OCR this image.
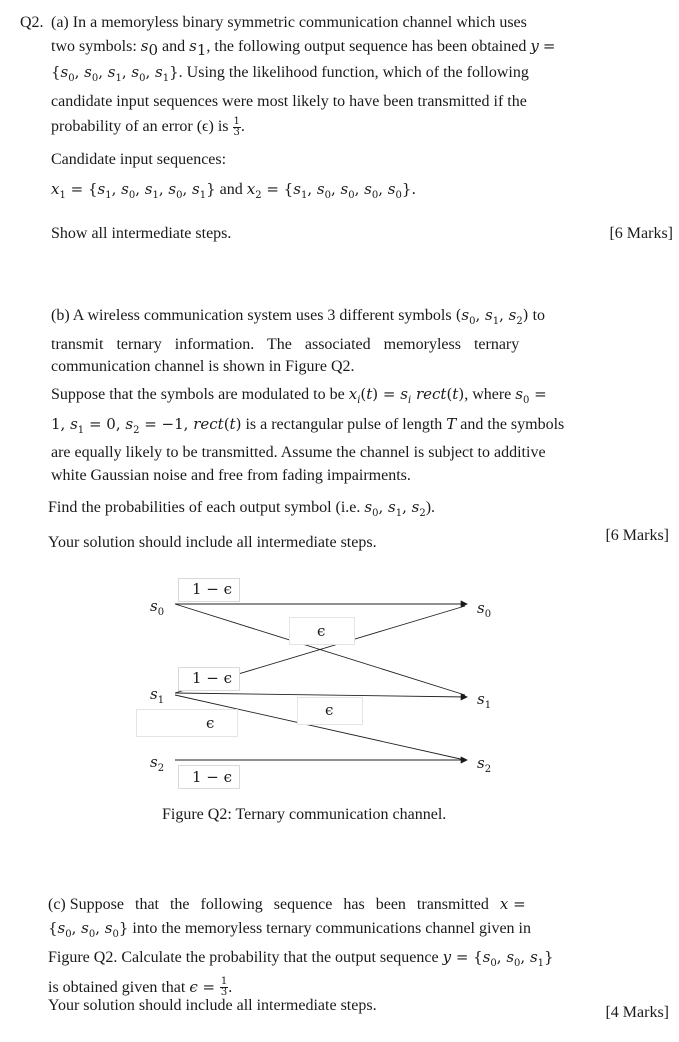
Q2. (a) In a memoryless binary symmetric communication channel which uses
two symbols: $s_0$ and $s_1$, the following output sequence has been obtained y =
{$s_0$, $s_0$, $s_1$, $s_0$, $s_1$}. Using the likelihood function, which of the following
candidate input sequences were most likely to have been transmitted if the
probability of an error (ϵ) is $\frac{1}{3}$ .
Candidate input sequences:
$x_1 = \{s_1$, $s_0$, $s_1$, $s_0$, $s_1$} and $x_2 = \{s_1$, $s_0$, $s_0$, $s_0$, $s_0$}.
Show all intermediate steps.	[6 Marks]
(b) A wireless communication system uses 3 different symbols ($s_0$, $s_1$, $s_2$) to
transmit ternary information. The associated memoryless ternary
communication channel is shown in Figure Q2.
Suppose that the symbols are modulated to be $x_i(t) = s_i$ rect(t), where $s_0$ =
1, $s_1 = 0$, $s_2 = -1$, rect(t) is a rectangular pulse of length T and the symbols
are equally likely to be transmitted. Assume the channel is subject to additive
white Gaussian noise and free from fading impairments.
Find the probabilities of each output symbol (i.e. $s_0$, $s_1$, $s_2$).
Your solution should include all intermediate steps.	[6 Marks]
$s_0$
$s_1$
$s_2$
$s_0$
$s_1$
$s_2$
1 − ϵ
ϵ
1 − ϵ
ϵ
ϵ
1 − ϵ
Figure Q2: Ternary communication channel.
(c) Suppose that the following sequence has been transmitted x =
{$s_0$, $s_0$, $s_0$} into the memoryless ternary communications channel given in
Figure Q2. Calculate the probability that the output sequence $y = \{s_0$, $s_0$, $s_1$}
is obtained given that $\epsilon = \frac{1}{3}$ .
Your solution should include all intermediate steps.	[4 Marks]
